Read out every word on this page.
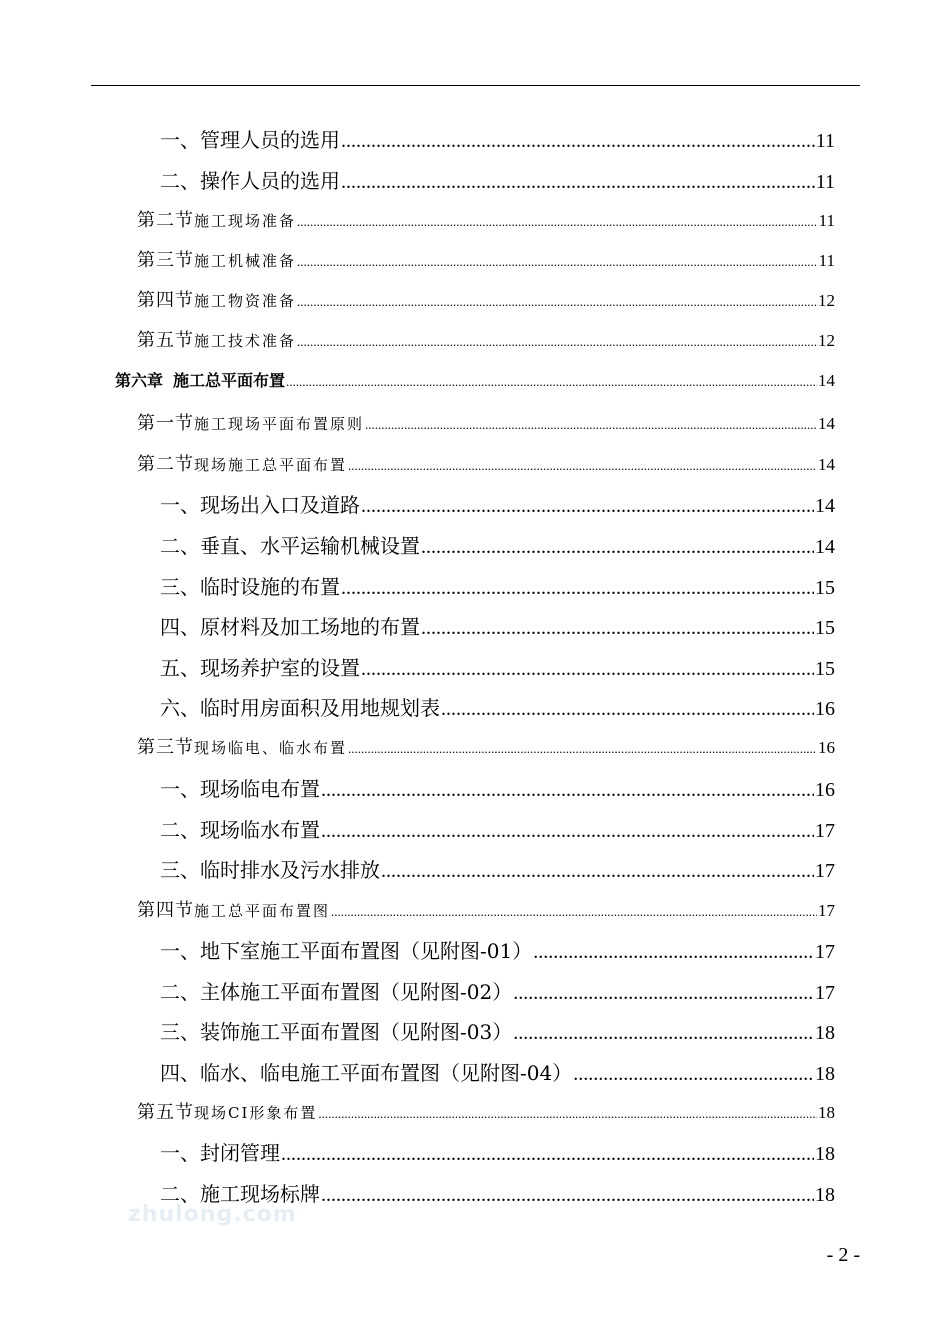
一、 管理人员的选用 .....	11
二、 操作人员的选用 .....	11
第二节 施工现场准备 .....	11
第三节 施工机械准备 .....	11
第四节 施工物资准备 .....	12
第五节 施工技术准备 .....	12
第六章 施工总平面布置 .....	14
第一节 施工现场平面布置原则 .....	14
第二节 现场施工总平面布置 .....	14
一、 现场出入口及道路 .....	14
二、 垂直、水平运输机械设置 .....	14
三、 临时设施的布置 .....	15
四、 原材料及加工场地的布置 .....	15
五、 现场养护室的设置 .....	15
六、 临时用房面积及用地规划表 .....	16
第三节 现场临电、临水布置 .....	16
一、 现场临电布置 .....	16
二、 现场临水布置 .....	17
三、 临时排水及污水排放 .....	17
第四节 施工总平面布置图 .....	17
一、 地下室施工平面布置图（见附图-01） .....	17
二、 主体施工平面布置图（见附图-02） .....	17
三、 装饰施工平面布置图（见附图-03） .....	18
四、 临水、临电施工平面布置图（见附图-04） .....	18
第五节 现场CI形象布置 .....	18
一、 封闭管理 .....	18
二、 施工现场标牌 .....	18
zhulong.com
- 2 -
